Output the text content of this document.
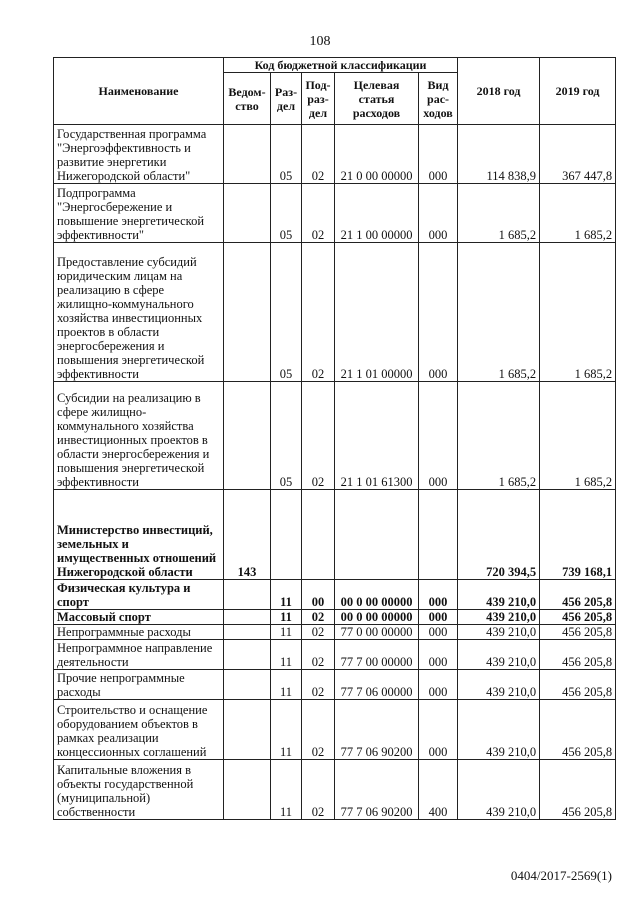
108
Наименование	Код бюджетной классификации					2018 год	2019 год
	Ведом-ство	Раз-дел	Под-раз-дел	Целевая статья расходов	Вид рас-ходов		
Государственная программа "Энергоэффективность и развитие энергетики Нижегородской области"		05	02	21 0 00 00000	000	114 838,9	367 447,8
Подпрограмма "Энергосбережение и повышение энергетической эффективности"		05	02	21 1 00 00000	000	1 685,2	1 685,2
Предоставление субсидий юридическим лицам на реализацию в сфере жилищно-коммунального хозяйства инвестиционных проектов в области энергосбережения и повышения энергетической эффективности		05	02	21 1 01 00000	000	1 685,2	1 685,2
Субсидии на реализацию в сфере жилищно-коммунального хозяйства инвестиционных проектов в области энергосбережения и повышения энергетической эффективности		05	02	21 1 01 61300	000	1 685,2	1 685,2
Министерство инвестиций, земельных и имущественных отношений Нижегородской области	143					720 394,5	739 168,1
Физическая культура и спорт		11	00	00 0 00 00000	000	439 210,0	456 205,8
Массовый спорт		11	02	00 0 00 00000	000	439 210,0	456 205,8
Непрограммные расходы		11	02	77 0 00 00000	000	439 210,0	456 205,8
Непрограммное направление деятельности		11	02	77 7 00 00000	000	439 210,0	456 205,8
Прочие непрограммные расходы		11	02	77 7 06 00000	000	439 210,0	456 205,8
Строительство и оснащение оборудованием объектов в рамках реализации концессионных соглашений		11	02	77 7 06 90200	000	439 210,0	456 205,8
Капитальные вложения в объекты государственной (муниципальной) собственности		11	02	77 7 06 90200	400	439 210,0	456 205,8
0404/2017-2569(1)
